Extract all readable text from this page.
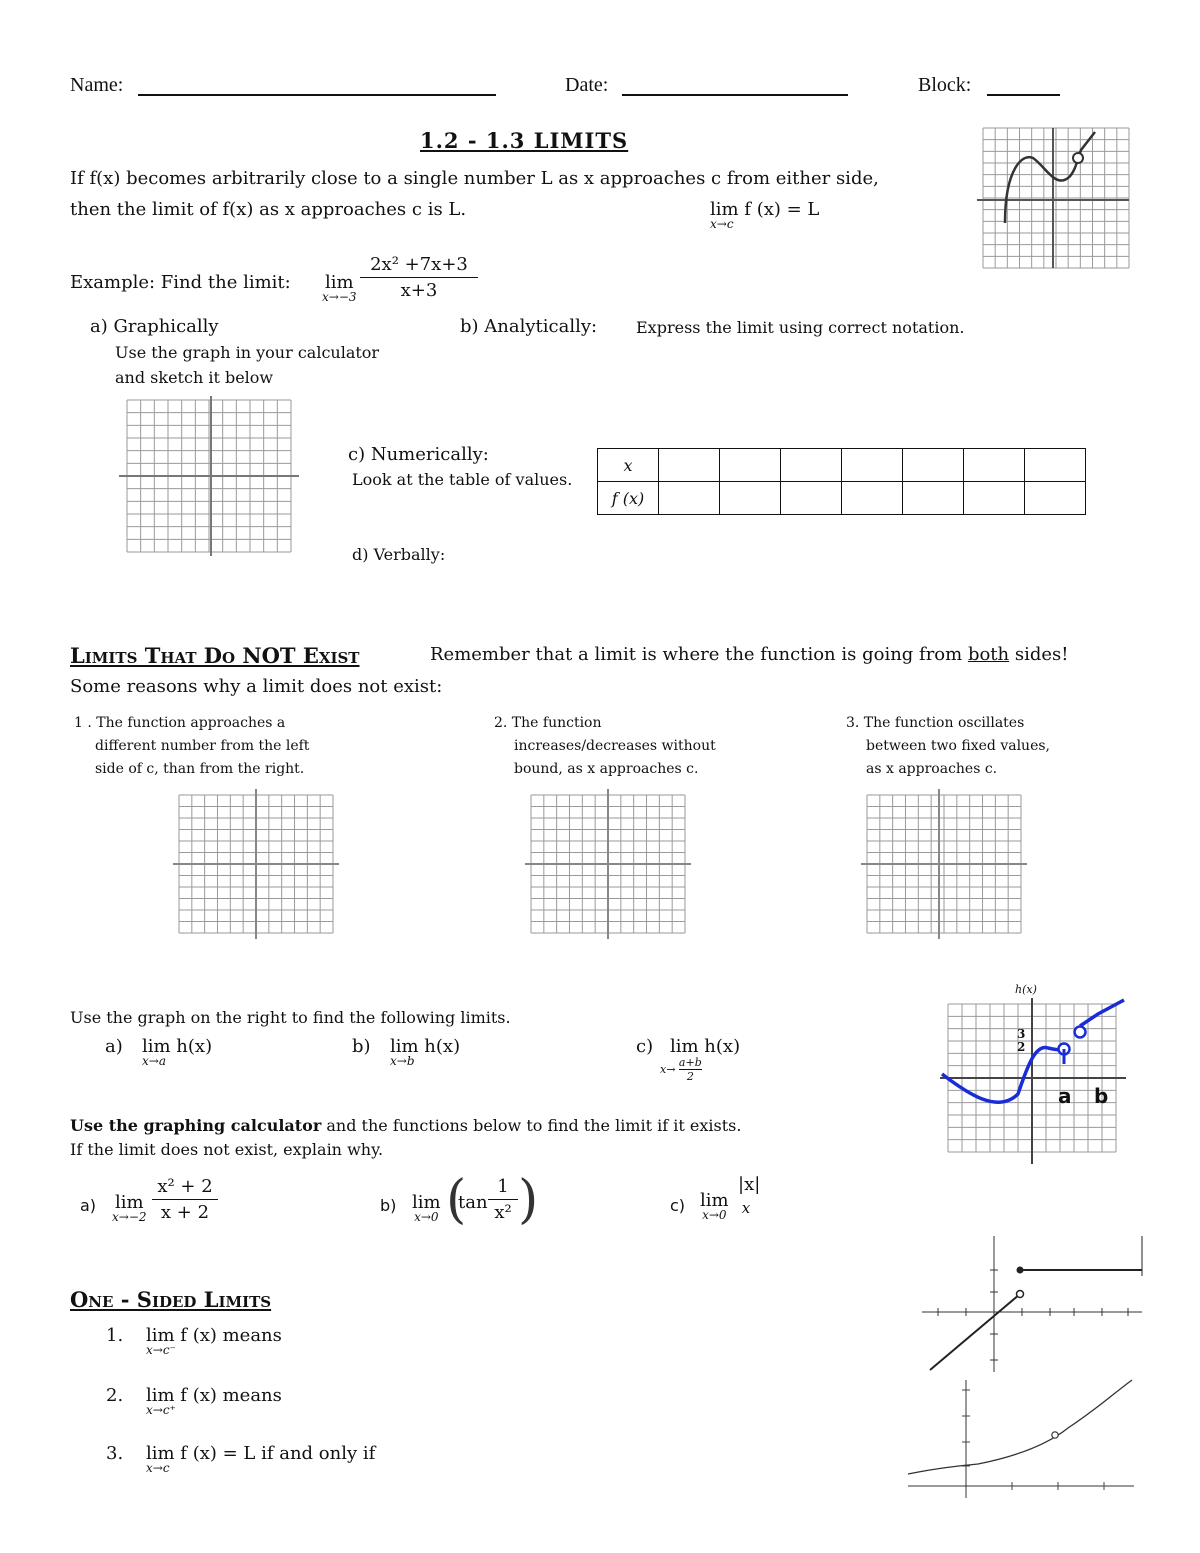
Name:	Date:	Block:
1.2 - 1.3 LIMITS
If f(x) becomes arbitrarily close to a single number L as x approaches c from either side,
then the limit of f(x) as x approaches c is L.	lim f (x) = L
x→c
Example: Find the limit: lim
$x\to-3 \frac{\text{2x² +7x+3}}{x+3}$
a) Graphically
Use the graph in your calculator
and sketch it below
b) Analytically: Express the limit using correct notation.
c) Numerically:
Look at the table of values.
x							
f (x)							
d) Verbally:
Limits That Do NOT Exist	Remember that a limit is where the function is going from both sides!
Some reasons why a limit does not exist:
1 . The function approaches a
different number from the left
side of c, than from the right.
2. The function
increases/decreases without
bound, as x approaches c.
3. The function oscillates
between two fixed values,
as x approaches c.
Use the graph on the right to find the following limits.
a) lim h(x)
x→a
b) lim h(x)
x→b
c) lim h(x)
$x\to \frac{a+b}{2}$
h(x)
3
2
a b
Use the graphing calculator and the functions below to find the limit if it exists.
If the limit does not exist, explain why.
a) lim
$x\to-2 \frac{\text{x² + 2}}{x + 2}$	b) lim
x→0 (
$\tan \frac{1}{\text{x²}}$ )	c) lim
x→0
|x|
x
One - Sided Limits
1. lim f (x) means
x→c⁻
2. lim f (x) means
x→c⁺
3. lim f (x) = L if and only if
x→c
